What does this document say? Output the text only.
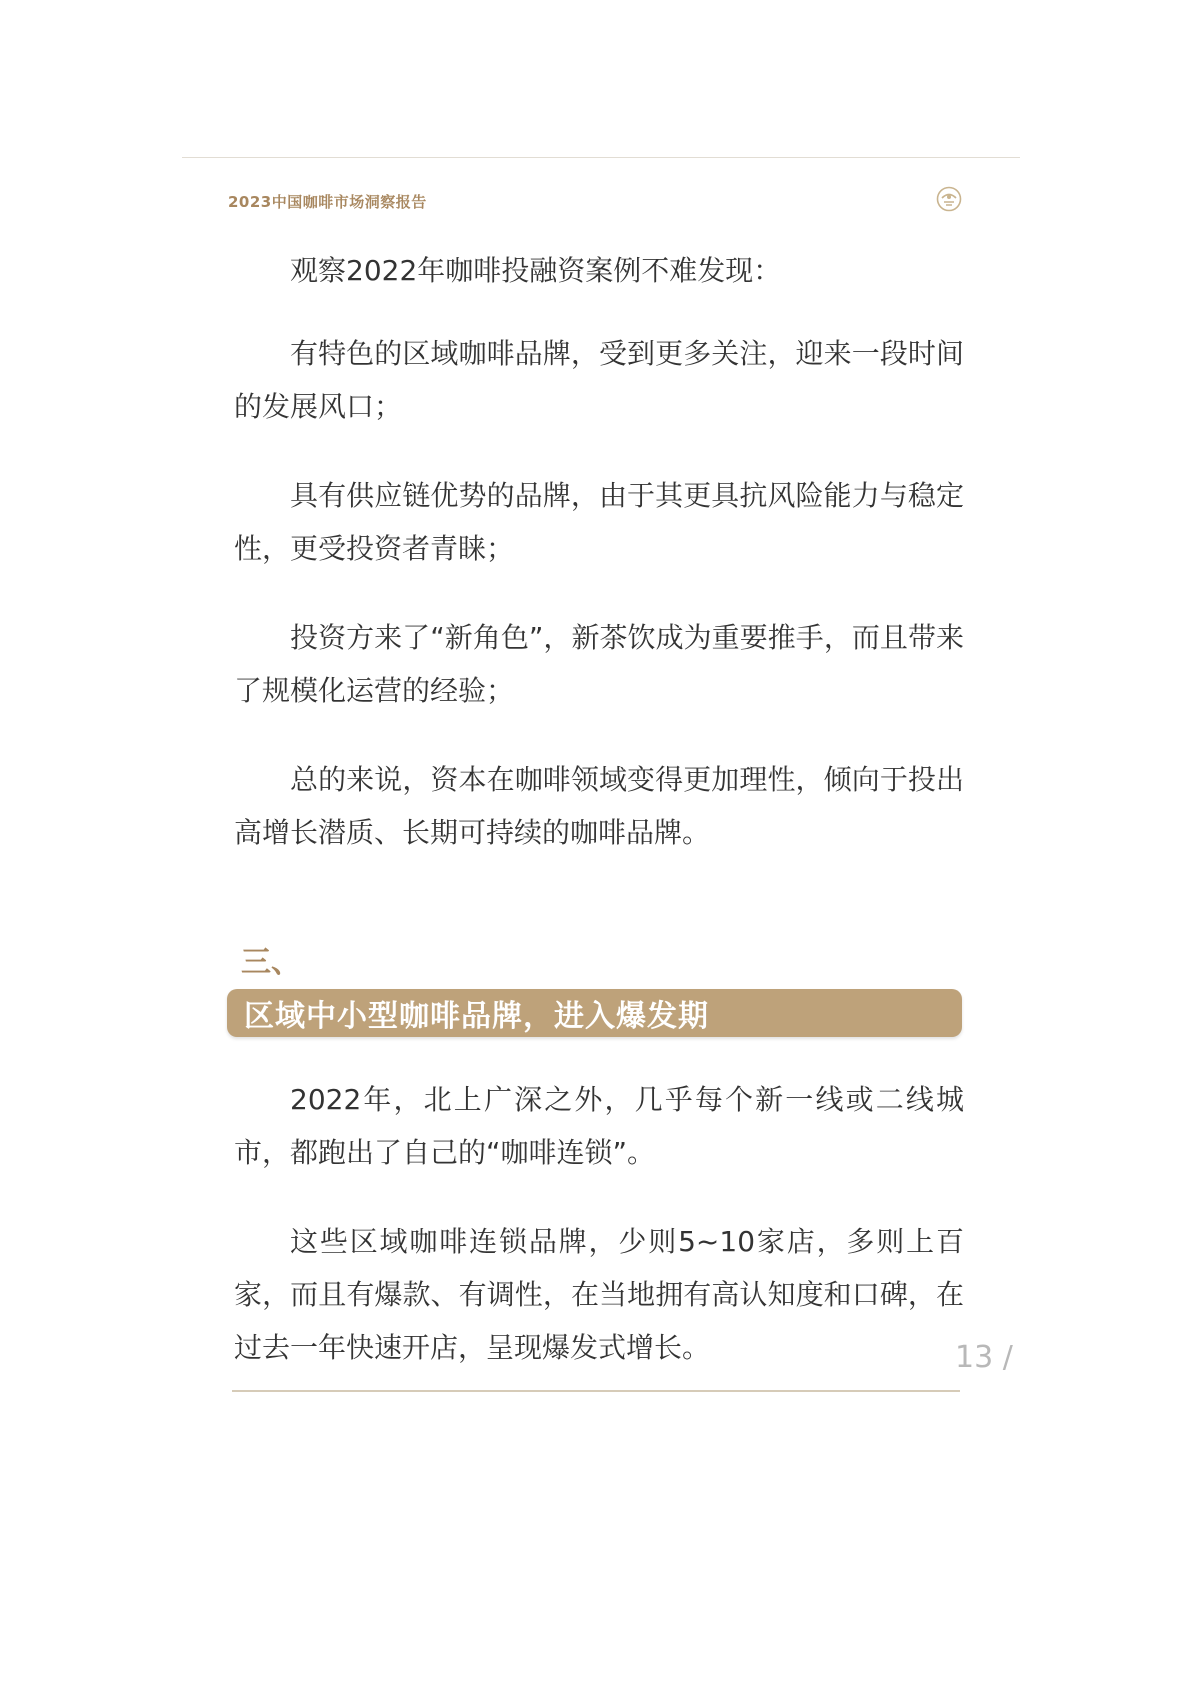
2023中国咖啡市场洞察报告

观察2022年咖啡投融资案例不难发现：

有特色的区域咖啡品牌，受到更多关注，迎来一段时间的发展风口；

具有供应链优势的品牌，由于其更具抗风险能力与稳定性，更受投资者青睐；

投资方来了“新角色”，新茶饮成为重要推手，而且带来了规模化运营的经验；

总的来说，资本在咖啡领域变得更加理性，倾向于投出高增长潜质、长期可持续的咖啡品牌。

三、
区域中小型咖啡品牌，进入爆发期

2022年，北上广深之外，几乎每个新一线或二线城市，都跑出了自己的“咖啡连锁”。

这些区域咖啡连锁品牌，少则5~10家店，多则上百家，而且有爆款、有调性，在当地拥有高认知度和口碑，在过去一年快速开店，呈现爆发式增长。	13 /
